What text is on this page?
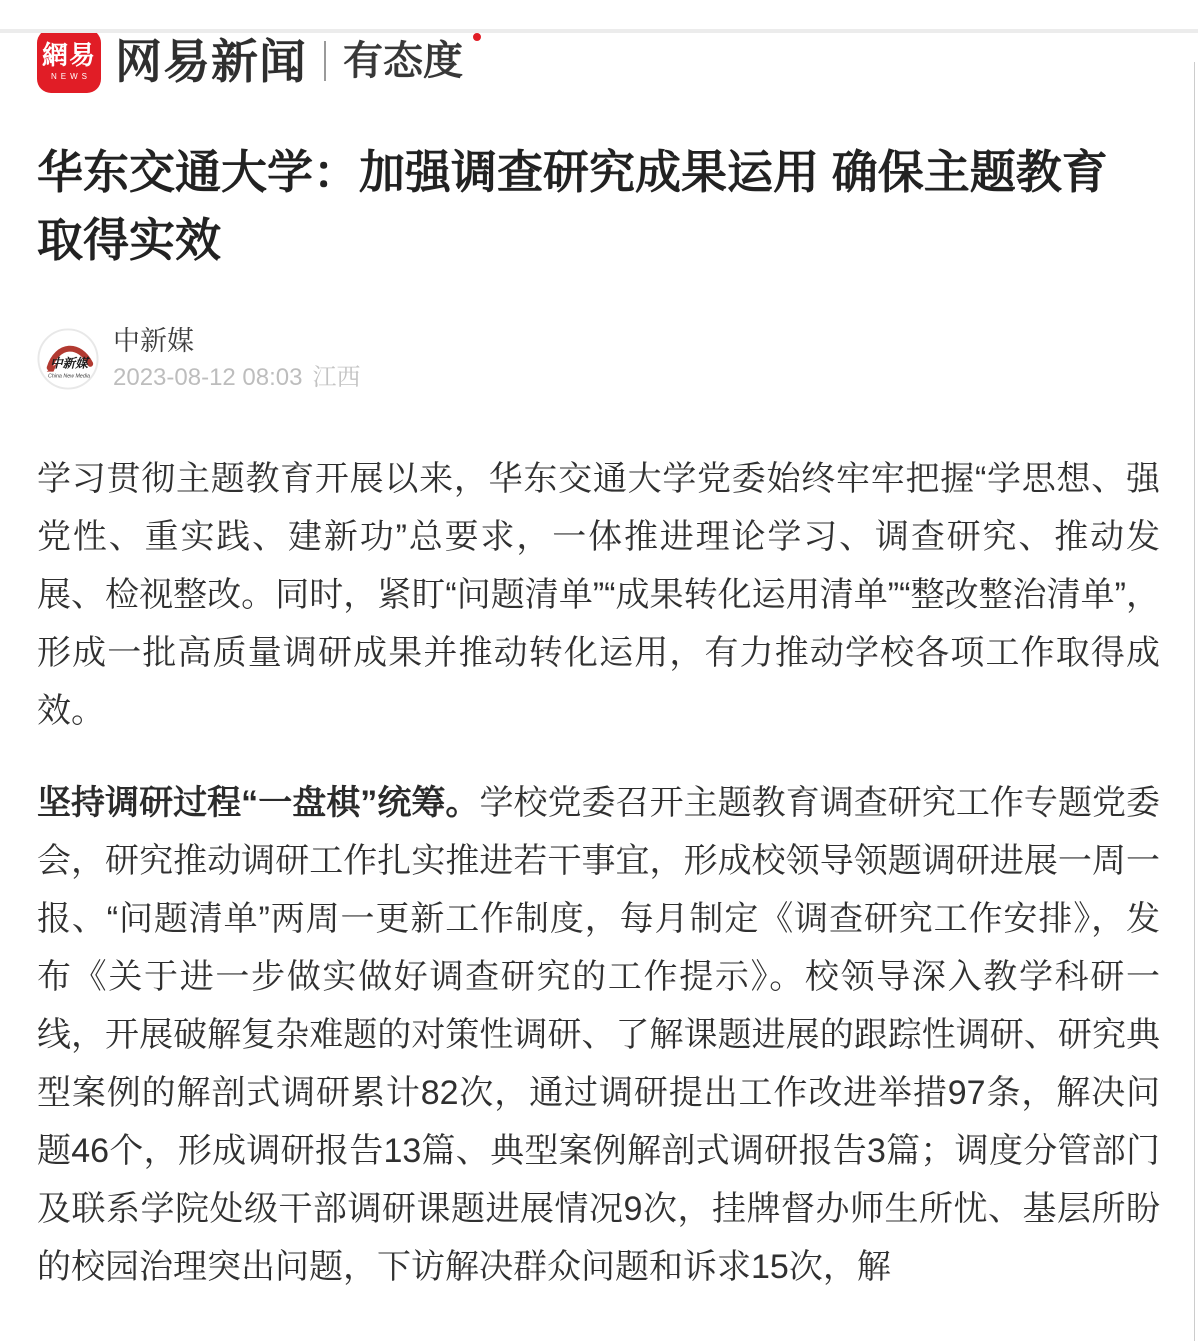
網易
NEWS 网易新闻 有态度
华东交通大学：加强调查研究成果运用 确保主题教育取得实效
中新媒
China New Media
中新媒
2023-08-12 08:03 江西

学习贯彻主题教育开展以来，华东交通大学党委始终牢牢把握“学思想、强党性、重实践、建新功”总要求，一体推进理论学习、调查研究、推动发展、检视整改。同时，紧盯“问题清单”“成果转化运用清单”“整改整治清单”，形成一批高质量调研成果并推动转化运用，有力推动学校各项工作取得成效。

坚持调研过程“一盘棋”统筹。学校党委召开主题教育调查研究工作专题党委会，研究推动调研工作扎实推进若干事宜，形成校领导领题调研进展一周一报、“问题清单”两周一更新工作制度，每月制定《调查研究工作安排》，发布《关于进一步做实做好调查研究的工作提示》。校领导深入教学科研一线，开展破解复杂难题的对策性调研、了解课题进展的跟踪性调研、研究典型案例的解剖式调研累计82次，通过调研提出工作改进举措97条，解决问题46个，形成调研报告13篇、典型案例解剖式调研报告3篇；调度分管部门及联系学院处级干部调研课题进展情况9次，挂牌督办师生所忧、基层所盼的校园治理突出问题，下访解决群众问题和诉求15次，解
